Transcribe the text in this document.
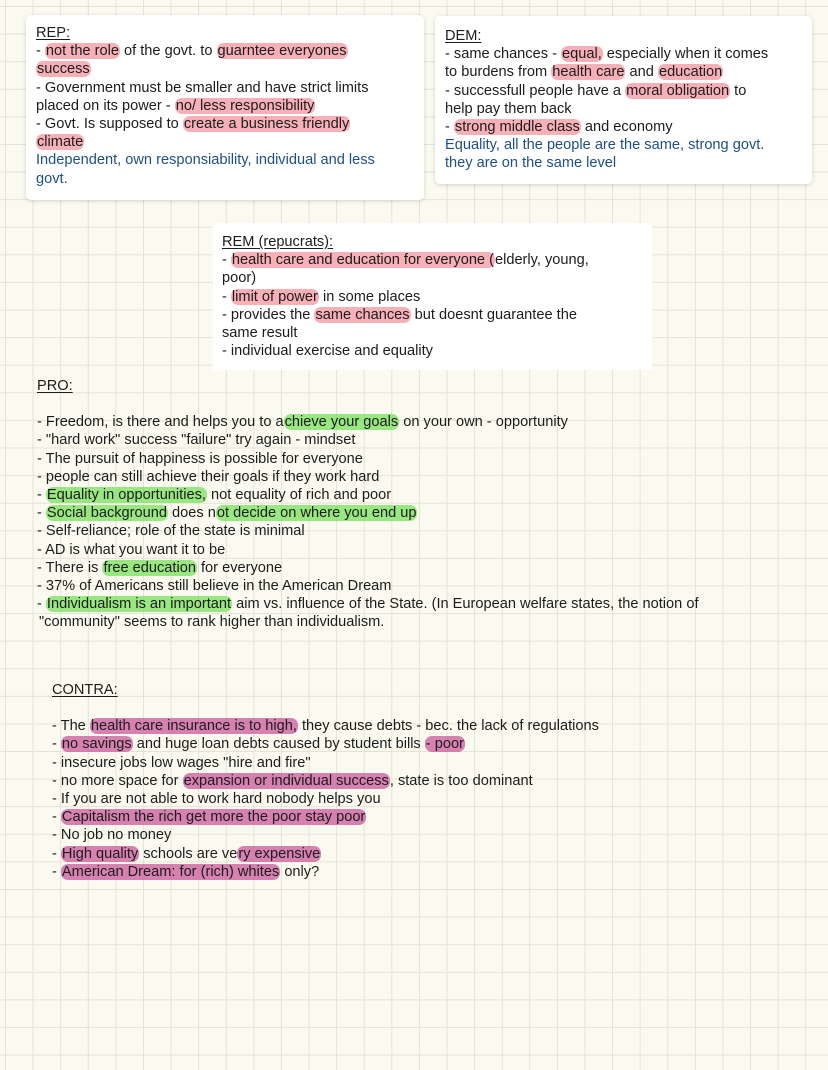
REP:
- not the role of the govt. to guarntee everyones
success
- Government must be smaller and have strict limits
placed on its power - no/ less responsibility
- Govt. Is supposed to create a business friendly
climate
Independent, own responsiability, individual and less
govt.
DEM:
- same chances - equal, especially when it comes
to burdens from health care and education
- successfull people have a moral obligation to
help pay them back
- strong middle class and economy
Equality, all the people are the same, strong govt.
they are on the same level
REM (repucrats):
- health care and education for everyone (elderly, young,
poor)
- limit of power in some places
- provides the same chances but doesnt guarantee the
same result
- individual exercise and equality
PRO:
- Freedom, is there and helps you to achieve your goals on your own - opportunity
- "hard work" success "failure" try again - mindset
- The pursuit of happiness is possible for everyone
- people can still achieve their goals if they work hard
- Equality in opportunities, not equality of rich and poor
- Social background does not decide on where you end up
- Self-reliance; role of the state is minimal
- AD is what you want it to be
- There is free education for everyone
- 37% of Americans still believe in the American Dream
- Individualism is an important aim vs. influence of the State. (In European welfare states, the notion of
"community" seems to rank higher than individualism.
CONTRA:
- The health care insurance is to high, they cause debts - bec. the lack of regulations
- no savings and huge loan debts caused by student bills - poor
- insecure jobs low wages "hire and fire"
- no more space for expansion or individual success, state is too dominant
- If you are not able to work hard nobody helps you
- Capitalism the rich get more the poor stay poor
- No job no money
- High quality schools are very expensive
- American Dream: for (rich) whites only?
